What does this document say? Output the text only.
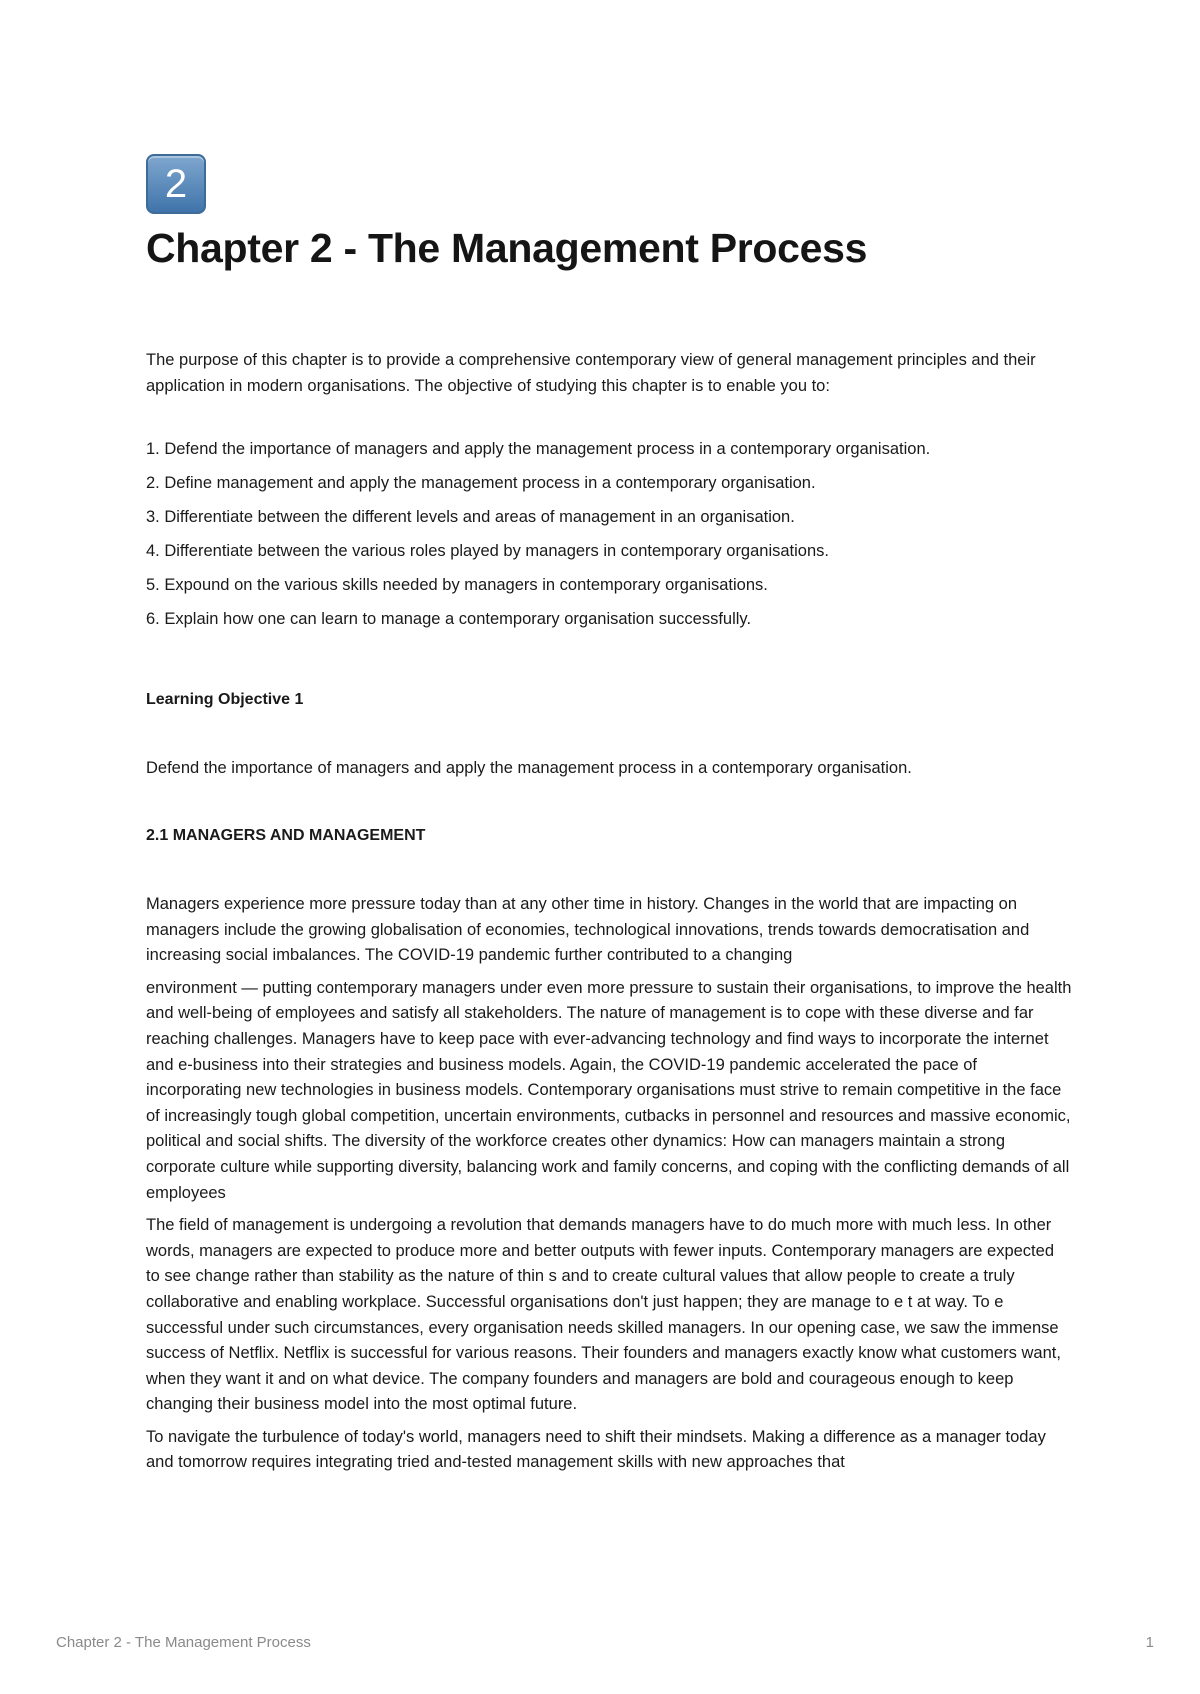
2
Chapter 2 - The Management Process

The purpose of this chapter is to provide a comprehensive contemporary view of general management principles and their application in modern organisations. The objective of studying this chapter is to enable you to:

1. Defend the importance of managers and apply the management process in a contemporary organisation.
2. Define management and apply the management process in a contemporary organisation.
3. Differentiate between the different levels and areas of management in an organisation.
4. Differentiate between the various roles played by managers in contemporary organisations.
5. Expound on the various skills needed by managers in contemporary organisations.
6. Explain how one can learn to manage a contemporary organisation successfully.

Learning Objective 1

Defend the importance of managers and apply the management process in a contemporary organisation.

2.1 MANAGERS AND MANAGEMENT

Managers experience more pressure today than at any other time in history. Changes in the world that are impacting on managers include the growing globalisation of economies, technological innovations, trends towards democratisation and increasing social imbalances. The COVID-19 pandemic further contributed to a changing

environment — putting contemporary managers under even more pressure to sustain their organisations, to improve the health and well-being of employees and satisfy all stakeholders. The nature of management is to cope with these diverse and far reaching challenges. Managers have to keep pace with ever-advancing technology and find ways to incorporate the internet and e-business into their strategies and business models. Again, the COVID-19 pandemic accelerated the pace of incorporating new technologies in business models. Contemporary organisations must strive to remain competitive in the face of increasingly tough global competition, uncertain environments, cutbacks in personnel and resources and massive economic, political and social shifts. The diversity of the workforce creates other dynamics: How can managers maintain a strong corporate culture while supporting diversity, balancing work and family concerns, and coping with the conflicting demands of all employees

The field of management is undergoing a revolution that demands managers have to do much more with much less. In other words, managers are expected to produce more and better outputs with fewer inputs. Contemporary managers are expected to see change rather than stability as the nature of thin s and to create cultural values that allow people to create a truly collaborative and enabling workplace. Successful organisations don't just happen; they are manage to e t at way. To e successful under such circumstances, every organisation needs skilled managers. In our opening case, we saw the immense success of Netflix. Netflix is successful for various reasons. Their founders and managers exactly know what customers want, when they want it and on what device. The company founders and managers are bold and courageous enough to keep changing their business model into the most optimal future.

To navigate the turbulence of today's world, managers need to shift their mindsets. Making a difference as a manager today and tomorrow requires integrating tried and-tested management skills with new approaches that

Chapter 2 - The Management Process	1
